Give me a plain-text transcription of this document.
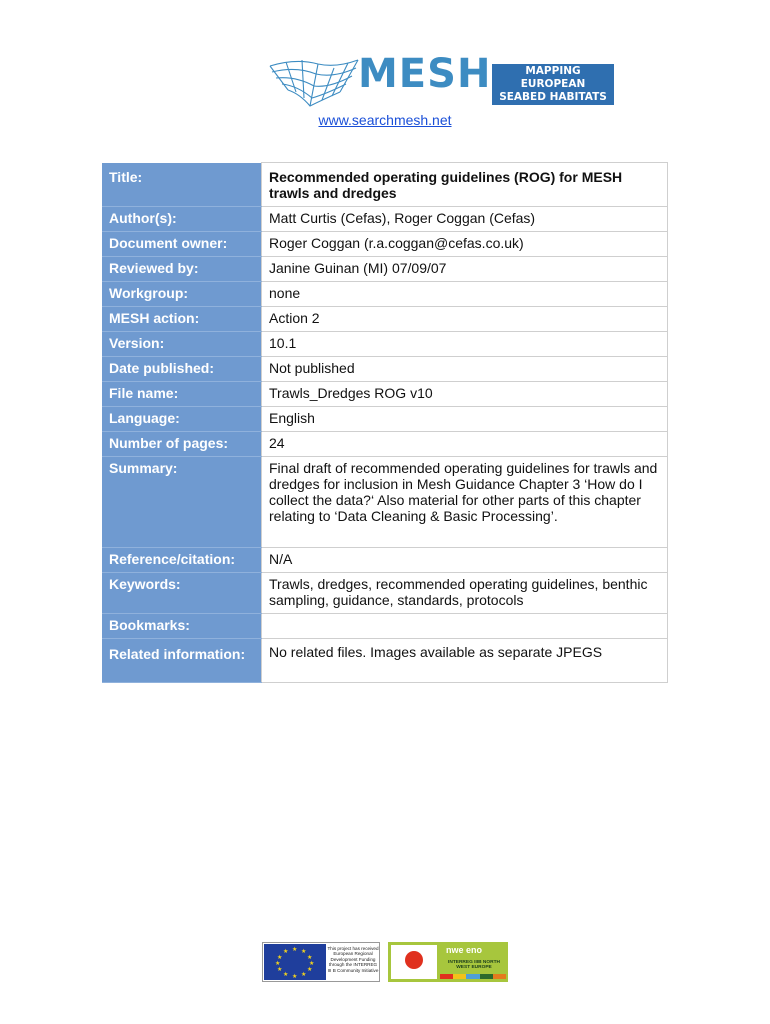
MESH	MAPPING EUROPEAN
SEABED HABITATS
www.searchmesh.net
Title:	Recommended operating guidelines (ROG) for MESH trawls and dredges
Author(s):	Matt Curtis (Cefas), Roger Coggan (Cefas)
Document owner:	Roger Coggan (r.a.coggan@cefas.co.uk)
Reviewed by:	Janine Guinan (MI) 07/09/07
Workgroup:	none
MESH action:	Action 2
Version:	10.1
Date published:	Not published
File name:	Trawls_Dredges ROG v10
Language:	English
Number of pages:	24
Summary:	Final draft of recommended operating guidelines for trawls and dredges for inclusion in Mesh Guidance Chapter 3 ‘How do I collect the data?‘ Also material for other parts of this chapter relating to ‘Data Cleaning & Basic Processing’.
Reference/citation:	N/A
Keywords:	Trawls, dredges, recommended operating guidelines, benthic sampling, guidance, standards, protocols
Bookmarks:	
Related information:	No related files. Images available as separate JPEGS
★ ★
★
★
★
★
★
★
★
★
★
★
This project has received European Regional Development Funding through the INTERREG III B Community Initiative
nwe eno
INTERREG IIIB NORTH WEST EUROPE
